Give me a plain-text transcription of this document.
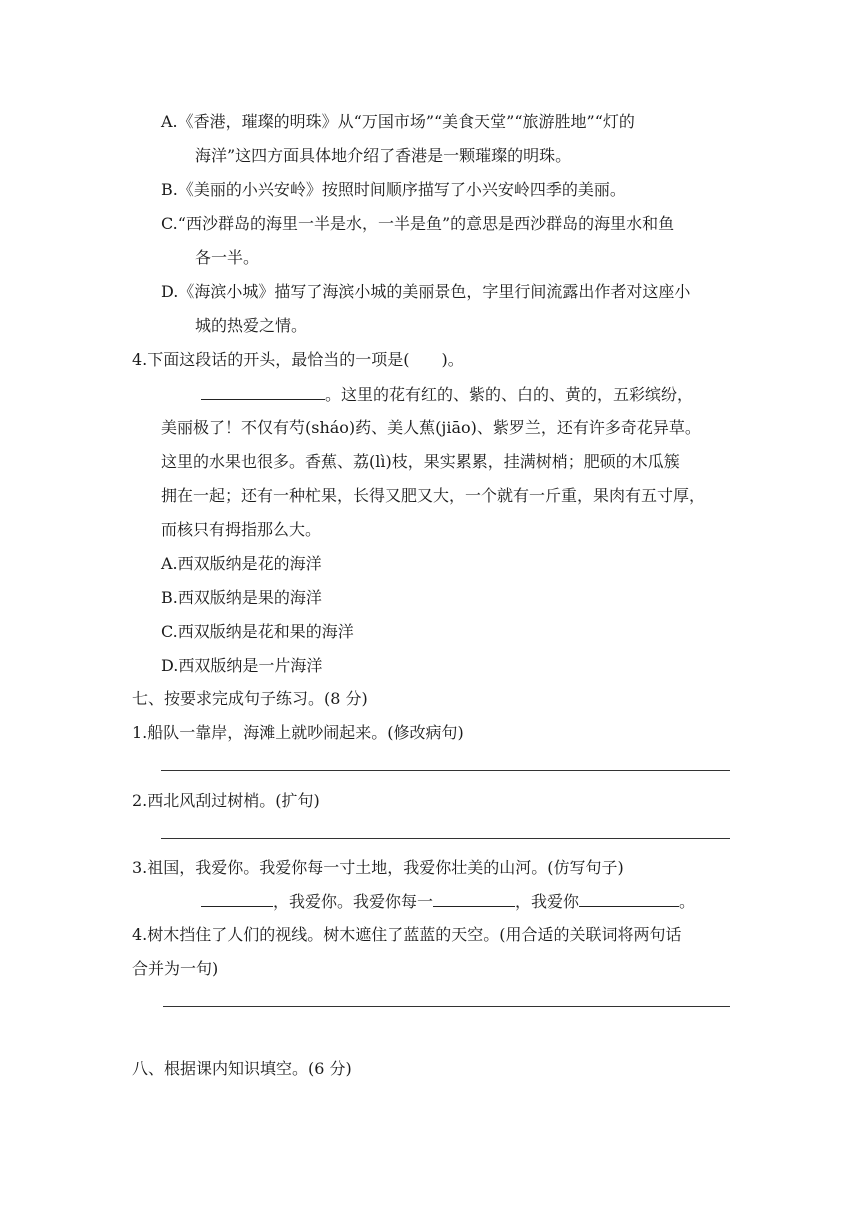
A.《香港，璀璨的明珠》从“万国市场”“美食天堂”“旅游胜地”“灯的
海洋”这四方面具体地介绍了香港是一颗璀璨的明珠。
B.《美丽的小兴安岭》按照时间顺序描写了小兴安岭四季的美丽。
C.“西沙群岛的海里一半是水，一半是鱼”的意思是西沙群岛的海里水和鱼
各一半。
D.《海滨小城》描写了海滨小城的美丽景色，字里行间流露出作者对这座小
城的热爱之情。
4.下面这段话的开头，最恰当的一项是(　　)。
。这里的花有红的、紫的、白的、黄的，五彩缤纷，
美丽极了！不仅有芍(sháo)药、美人蕉(jiāo)、紫罗兰，还有许多奇花异草。
这里的水果也很多。香蕉、荔(lì)枝，果实累累，挂满树梢；肥硕的木瓜簇
拥在一起；还有一种杧果，长得又肥又大，一个就有一斤重，果肉有五寸厚，
而核只有拇指那么大。
A.西双版纳是花的海洋
B.西双版纳是果的海洋
C.西双版纳是花和果的海洋
D.西双版纳是一片海洋
七、按要求完成句子练习。(8 分)
1.船队一靠岸，海滩上就吵闹起来。(修改病句)
2.西北风刮过树梢。(扩句)
3.祖国，我爱你。我爱你每一寸土地，我爱你壮美的山河。(仿写句子)
，我爱你。我爱你每一	，我爱你	。
4.树木挡住了人们的视线。树木遮住了蓝蓝的天空。(用合适的关联词将两句话
合并为一句)
八、根据课内知识填空。(6 分)
